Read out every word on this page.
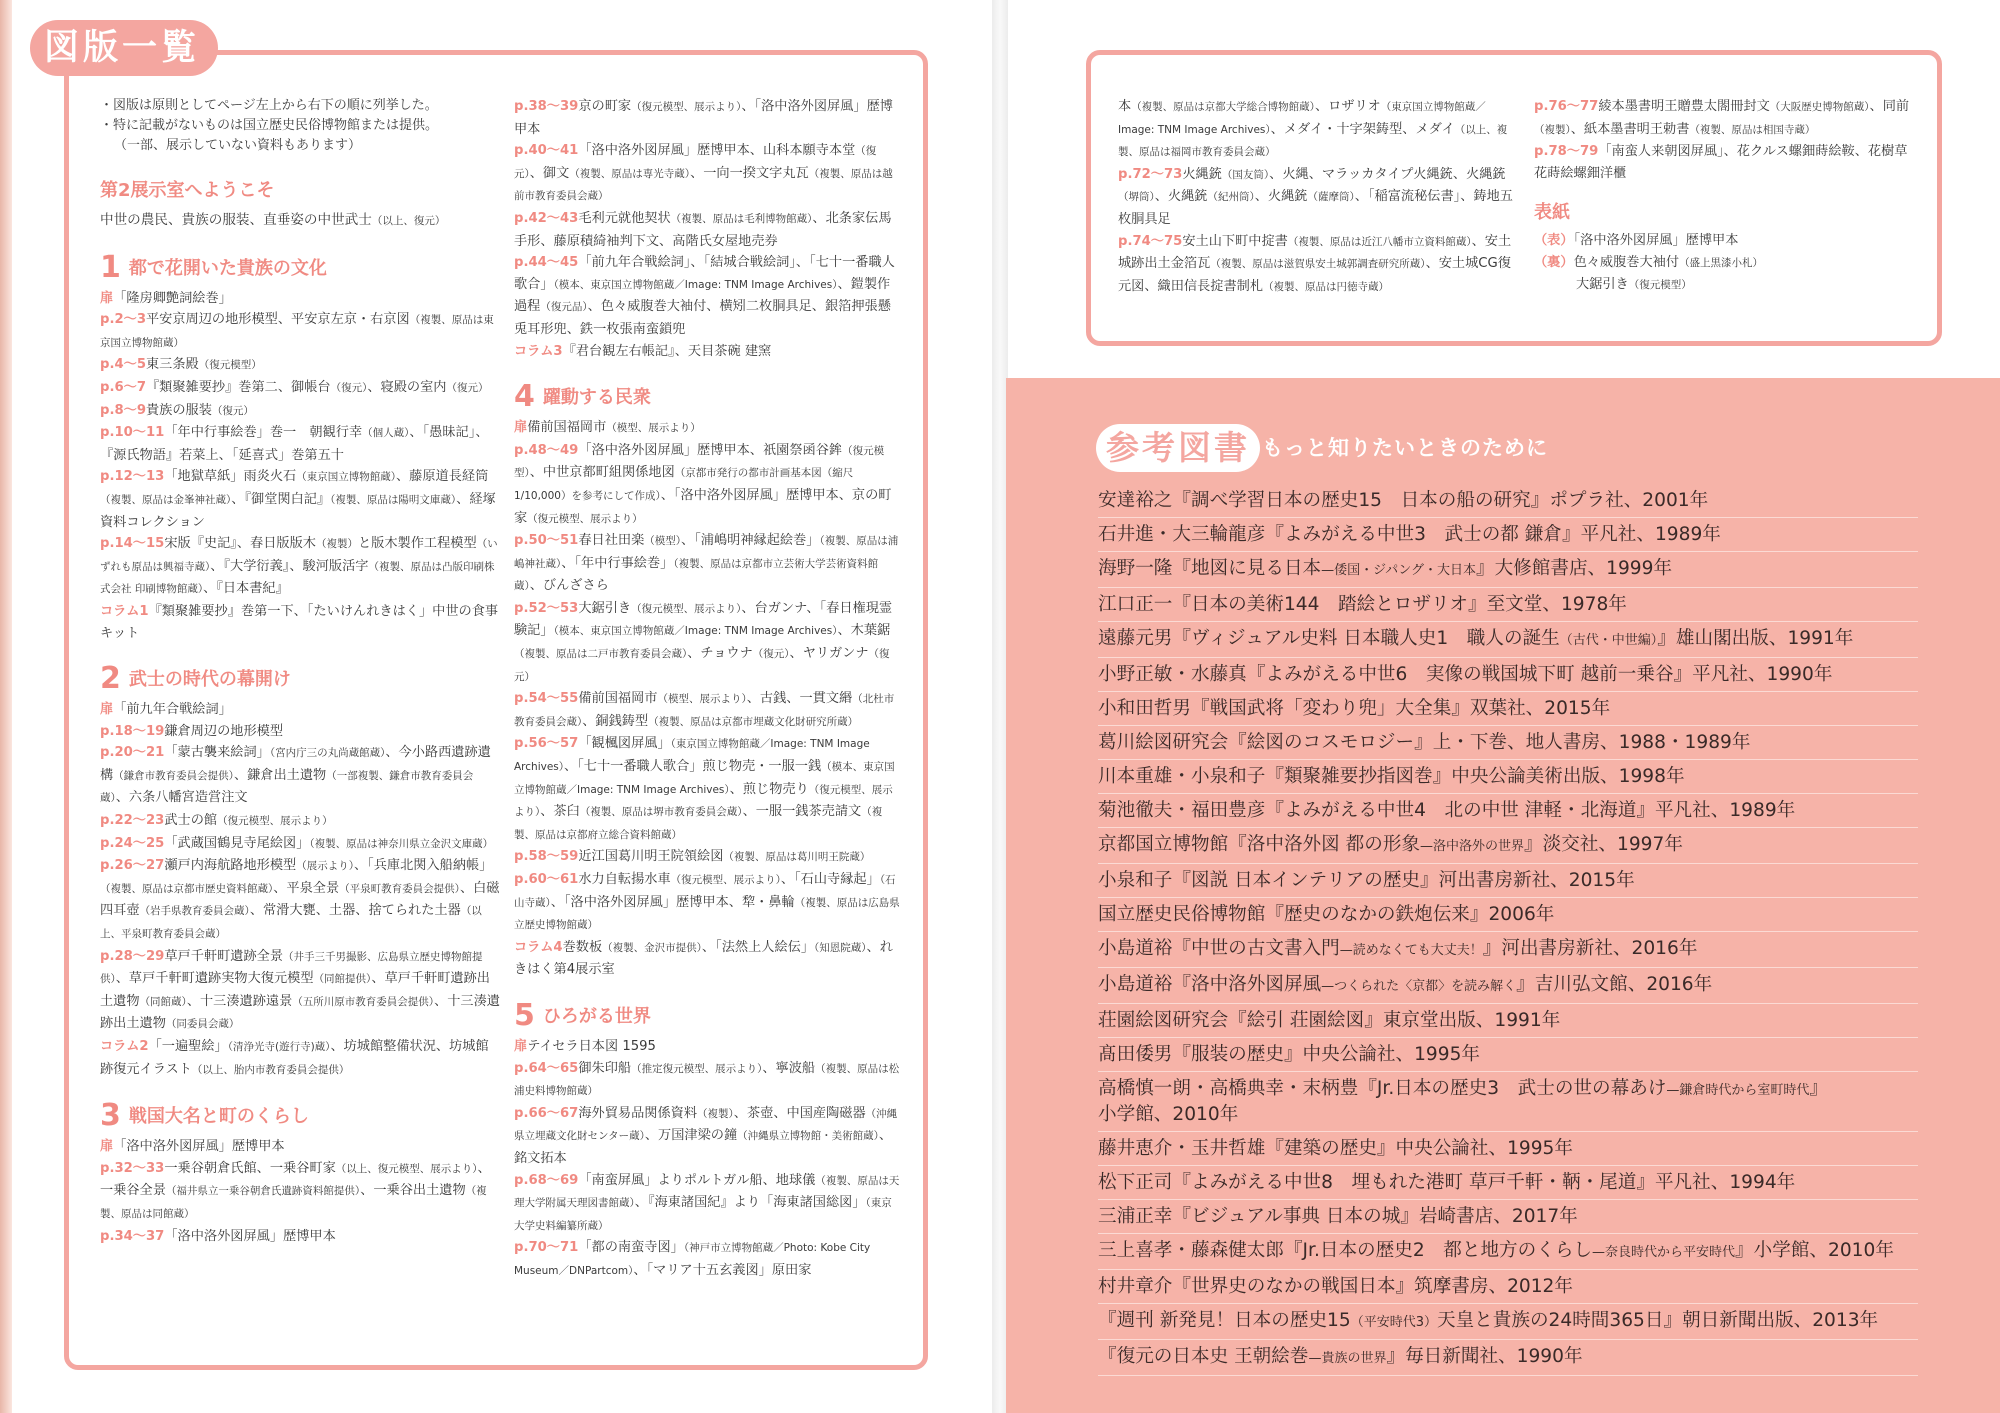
図版一覧

・図版は原則としてページ左上から右下の順に列挙した。

・特に記載がないものは国立歴史民俗博物館または提供。

（一部、展示していない資料もあります）

第2展示室へようこそ

中世の農民、貴族の服装、直垂姿の中世武士（以上、復元）

1 都で花開いた貴族の文化

扉「隆房卿艶詞絵巻」

p.2〜3平安京周辺の地形模型、平安京左京・右京図（複製、原品は東京国立博物館蔵）

p.4〜5東三条殿（復元模型）

p.6〜7『類聚雑要抄』巻第二、御帳台（復元）、寝殿の室内（復元）

p.8〜9貴族の服装（復元）

p.10〜11「年中行事絵巻」巻一　朝観行幸（個人蔵）、「愚昧記」、『源氏物語』若菜上、「延喜式」巻第五十

p.12〜13「地獄草紙」雨炎火石（東京国立博物館蔵）、藤原道長経筒（複製、原品は金峯神社蔵）、『御堂関白記』（複製、原品は陽明文庫蔵）、経塚資料コレクション

p.14〜15宋版『史記』、春日版版木（複製）と版木製作工程模型（いずれも原品は興福寺蔵）、『大学衍義』、駿河版活字（複製、原品は凸版印刷株式会社 印刷博物館蔵）、『日本書紀』

コラム1『類聚雑要抄』巻第一下、「たいけんれきはく」中世の食事キット

2 武士の時代の幕開け

扉「前九年合戦絵詞」

p.18〜19鎌倉周辺の地形模型

p.20〜21「蒙古襲来絵詞」（宮内庁三の丸尚蔵館蔵）、今小路西遺跡遺構（鎌倉市教育委員会提供）、鎌倉出土遺物（一部複製、鎌倉市教育委員会蔵）、六条八幡宮造営注文

p.22〜23武士の館（復元模型、展示より）

p.24〜25「武蔵国鶴見寺尾絵図」（複製、原品は神奈川県立金沢文庫蔵）

p.26〜27瀬戸内海航路地形模型（展示より）、「兵庫北関入船納帳」（複製、原品は京都市歴史資料館蔵）、平泉全景（平泉町教育委員会提供）、白磁四耳壺（岩手県教育委員会蔵）、常滑大甕、土器、捨てられた土器（以上、平泉町教育委員会蔵）

p.28〜29草戸千軒町遺跡全景（井手三千男撮影、広島県立歴史博物館提供）、草戸千軒町遺跡実物大復元模型（同館提供）、草戸千軒町遺跡出土遺物（同館蔵）、十三湊遺跡遠景（五所川原市教育委員会提供）、十三湊遺跡出土遺物（同委員会蔵）

コラム2「一遍聖絵」（清浄光寺(遊行寺)蔵）、坊城館整備状況、坊城館跡復元イラスト（以上、胎内市教育委員会提供）

3 戦国大名と町のくらし

扉「洛中洛外図屏風」歴博甲本

p.32〜33一乗谷朝倉氏館、一乗谷町家（以上、復元模型、展示より）、一乗谷全景（福井県立一乗谷朝倉氏遺跡資料館提供）、一乗谷出土遺物（複製、原品は同館蔵）

p.34〜37「洛中洛外図屏風」歴博甲本

p.38〜39京の町家（復元模型、展示より）、「洛中洛外図屏風」歴博甲本

p.40〜41「洛中洛外図屏風」歴博甲本、山科本願寺本堂（復元）、御文（複製、原品は専光寺蔵）、一向一揆文字丸瓦（複製、原品は越前市教育委員会蔵）

p.42〜43毛利元就他契状（複製、原品は毛利博物館蔵）、北条家伝馬手形、藤原積綺袖判下文、高階氏女屋地売券

p.44〜45「前九年合戦絵詞」、「結城合戦絵詞」、「七十一番職人歌合」（模本、東京国立博物館蔵／Image: TNM Image Archives）、鎧製作過程（復元品）、色々威腹巻大袖付、横矧二枚胴具足、銀箔押張懸兎耳形兜、鉄一枚張南蛮鎖兜

コラム3『君台観左右帳記』、天目茶碗 建窯

4 躍動する民衆

扉備前国福岡市（模型、展示より）

p.48〜49「洛中洛外図屏風」歴博甲本、祇園祭函谷鉾（復元模型）、中世京都町組関係地図（京都市発行の都市計画基本図（縮尺1/10,000）を参考にして作成）、「洛中洛外図屏風」歴博甲本、京の町家（復元模型、展示より）

p.50〜51春日社田楽（模型）、「浦嶋明神縁起絵巻」（複製、原品は浦嶋神社蔵）、「年中行事絵巻」（複製、原品は京都市立芸術大学芸術資料館蔵）、びんざさら

p.52〜53大鋸引き（復元模型、展示より）、台ガンナ、「春日権現霊験記」（模本、東京国立博物館蔵／Image: TNM Image Archives）、木葉鋸（複製、原品は二戸市教育委員会蔵）、チョウナ（復元）、ヤリガンナ（復元）

p.54〜55備前国福岡市（模型、展示より）、古銭、一貫文緡（北杜市教育委員会蔵）、銅銭鋳型（複製、原品は京都市埋蔵文化財研究所蔵）

p.56〜57「観楓図屏風」（東京国立博物館蔵／Image: TNM Image Archives）、「七十一番職人歌合」煎じ物売・一服一銭（模本、東京国立博物館蔵／Image: TNM Image Archives）、煎じ物売り（復元模型、展示より）、茶臼（複製、原品は堺市教育委員会蔵）、一服一銭茶売請文（複製、原品は京都府立総合資料館蔵）

p.58〜59近江国葛川明王院領絵図（複製、原品は葛川明王院蔵）

p.60〜61水力自転揚水車（復元模型、展示より）、「石山寺縁起」（石山寺蔵）、「洛中洛外図屏風」歴博甲本、犂・鼻輪（複製、原品は広島県立歴史博物館蔵）

コラム4巻数板（複製、金沢市提供）、「法然上人絵伝」（知恩院蔵）、れきはく第4展示室

5 ひろがる世界

扉テイセラ日本図 1595

p.64〜65御朱印船（推定復元模型、展示より）、寧波船（複製、原品は松浦史料博物館蔵）

p.66〜67海外貿易品関係資料（複製）、茶壺、中国産陶磁器（沖縄県立埋蔵文化財センター蔵）、万国津梁の鐘（沖縄県立博物館・美術館蔵）、銘文拓本

p.68〜69「南蛮屏風」よりポルトガル船、地球儀（複製、原品は天理大学附属天理図書館蔵）、『海東諸国紀』より「海東諸国総図」（東京大学史料編纂所蔵）

p.70〜71「都の南蛮寺図」（神戸市立博物館蔵／Photo: Kobe City Museum／DNPartcom）、「マリア十五玄義図」原田家

本（複製、原品は京都大学総合博物館蔵）、ロザリオ（東京国立博物館蔵／Image: TNM Image Archives）、メダイ・十字架鋳型、メダイ（以上、複製、原品は福岡市教育委員会蔵）

p.72〜73火縄銃（国友筒）、火縄、マラッカタイプ火縄銃、火縄銃（堺筒）、火縄銃（紀州筒）、火縄銃（薩摩筒）、「稲富流秘伝書」、鋳地五枚胴具足

p.74〜75安土山下町中掟書（複製、原品は近江八幡市立資料館蔵）、安土城跡出土金箔瓦（複製、原品は滋賀県安土城郭調査研究所蔵）、安土城CG復元図、織田信長掟書制札（複製、原品は円徳寺蔵）

p.76〜77綾本墨書明王贈豊太閤冊封文（大阪歴史博物館蔵）、同前（複製）、紙本墨書明王勅書（複製、原品は相国寺蔵）

p.78〜79「南蛮人来朝図屏風」、花クルス螺鈿蒔絵鞍、花樹草花蒔絵螺鈿洋櫃

表紙

（表）「洛中洛外図屏風」歴博甲本

（裏）色々威腹巻大袖付（盛上黒漆小札）

大鋸引き（復元模型）

参考図書 もっと知りたいときのために
安達裕之『調べ学習日本の歴史15　日本の船の研究』ポプラ社、2001年
石井進・大三輪龍彦『よみがえる中世3　武士の都 鎌倉』平凡社、1989年
海野一隆『地図に見る日本—倭国・ジパング・大日本』大修館書店、1999年
江口正一『日本の美術144　踏絵とロザリオ』至文堂、1978年
遠藤元男『ヴィジュアル史料 日本職人史1　職人の誕生（古代・中世編）』雄山閣出版、1991年
小野正敏・水藤真『よみがえる中世6　実像の戦国城下町 越前一乗谷』平凡社、1990年
小和田哲男『戦国武将「変わり兜」大全集』双葉社、2015年
葛川絵図研究会『絵図のコスモロジー』上・下巻、地人書房、1988・1989年
川本重雄・小泉和子『類聚雑要抄指図巻』中央公論美術出版、1998年
菊池徹夫・福田豊彦『よみがえる中世4　北の中世 津軽・北海道』平凡社、1989年
京都国立博物館『洛中洛外図 都の形象—洛中洛外の世界』淡交社、1997年
小泉和子『図説 日本インテリアの歴史』河出書房新社、2015年
国立歴史民俗博物館『歴史のなかの鉄炮伝来』2006年
小島道裕『中世の古文書入門—読めなくても大丈夫！』河出書房新社、2016年
小島道裕『洛中洛外図屏風—つくられた〈京都〉を読み解く』吉川弘文館、2016年
荘園絵図研究会『絵引 荘園絵図』東京堂出版、1991年
髙田倭男『服装の歴史』中央公論社、1995年
高橋慎一朗・高橋典幸・末柄豊『Jr.日本の歴史3　武士の世の幕あけ—鎌倉時代から室町時代』
小学館、2010年
藤井恵介・玉井哲雄『建築の歴史』中央公論社、1995年
松下正司『よみがえる中世8　埋もれた港町 草戸千軒・鞆・尾道』平凡社、1994年
三浦正幸『ビジュアル事典 日本の城』岩崎書店、2017年
三上喜孝・藤森健太郎『Jr.日本の歴史2　都と地方のくらし—奈良時代から平安時代』小学館、2010年
村井章介『世界史のなかの戦国日本』筑摩書房、2012年
『週刊 新発見！日本の歴史15（平安時代3）天皇と貴族の24時間365日』朝日新聞出版、2013年
『復元の日本史 王朝絵巻—貴族の世界』毎日新聞社、1990年
